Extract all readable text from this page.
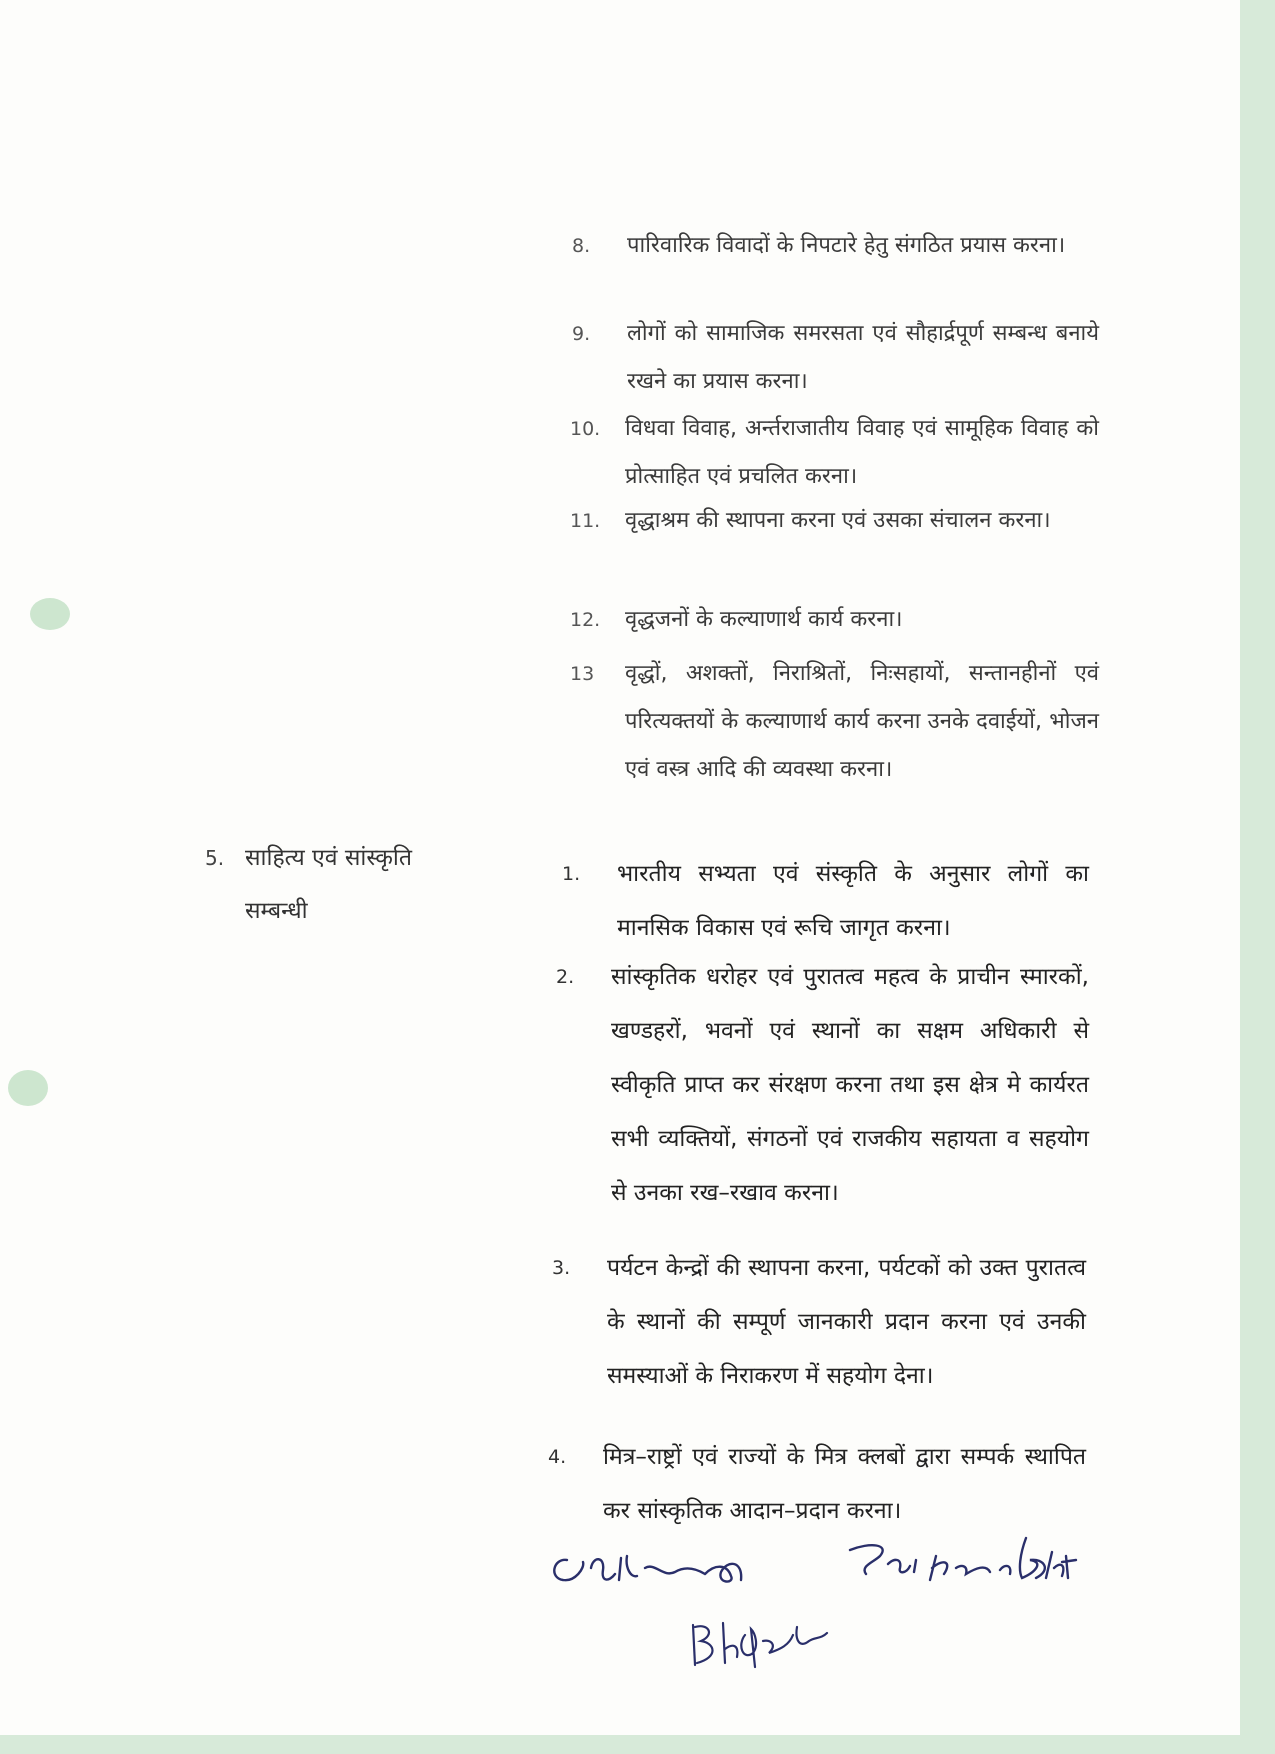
8.	पारिवारिक विवादों के निपटारे हेतु संगठित प्रयास करना।
9.	लोगों को सामाजिक समरसता एवं सौहार्द्रपूर्ण सम्बन्ध बनाये रखने का प्रयास करना।
10.	विधवा विवाह, अर्न्तराजातीय विवाह एवं सामूहिक विवाह को प्रोत्साहित एवं प्रचलित करना।
11.	वृद्धाश्रम की स्थापना करना एवं उसका संचालन करना।
12.	वृद्धजनों के कल्याणार्थ कार्य करना।
13	वृद्धों, अशक्तों, निराश्रितों, निःसहायों, सन्तानहीनों एवं परित्यक्तयों के कल्याणार्थ कार्य करना उनके दवाईयों, भोजन एवं वस्त्र आदि की व्यवस्था करना।
5. साहित्य एवं सांस्कृति
सम्बन्धी
1.	भारतीय सभ्यता एवं संस्कृति के अनुसार लोगों का मानसिक विकास एवं रूचि जागृत करना।
2.	सांस्कृतिक धरोहर एवं पुरातत्व महत्व के प्राचीन स्मारकों, खण्डहरों, भवनों एवं स्थानों का सक्षम अधिकारी से स्वीकृति प्राप्त कर संरक्षण करना तथा इस क्षेत्र मे कार्यरत सभी व्यक्तियों, संगठनों एवं राजकीय सहायता व सहयोग से उनका रख–रखाव करना।
3.	पर्यटन केन्द्रों की स्थापना करना, पर्यटकों को उक्त पुरातत्व के स्थानों की सम्पूर्ण जानकारी प्रदान करना एवं उनकी समस्याओं के निराकरण में सहयोग देना।
4.	मित्र–राष्ट्रों एवं राज्यों के मित्र क्लबों द्वारा सम्पर्क स्थापित कर सांस्कृतिक आदान–प्रदान करना।
